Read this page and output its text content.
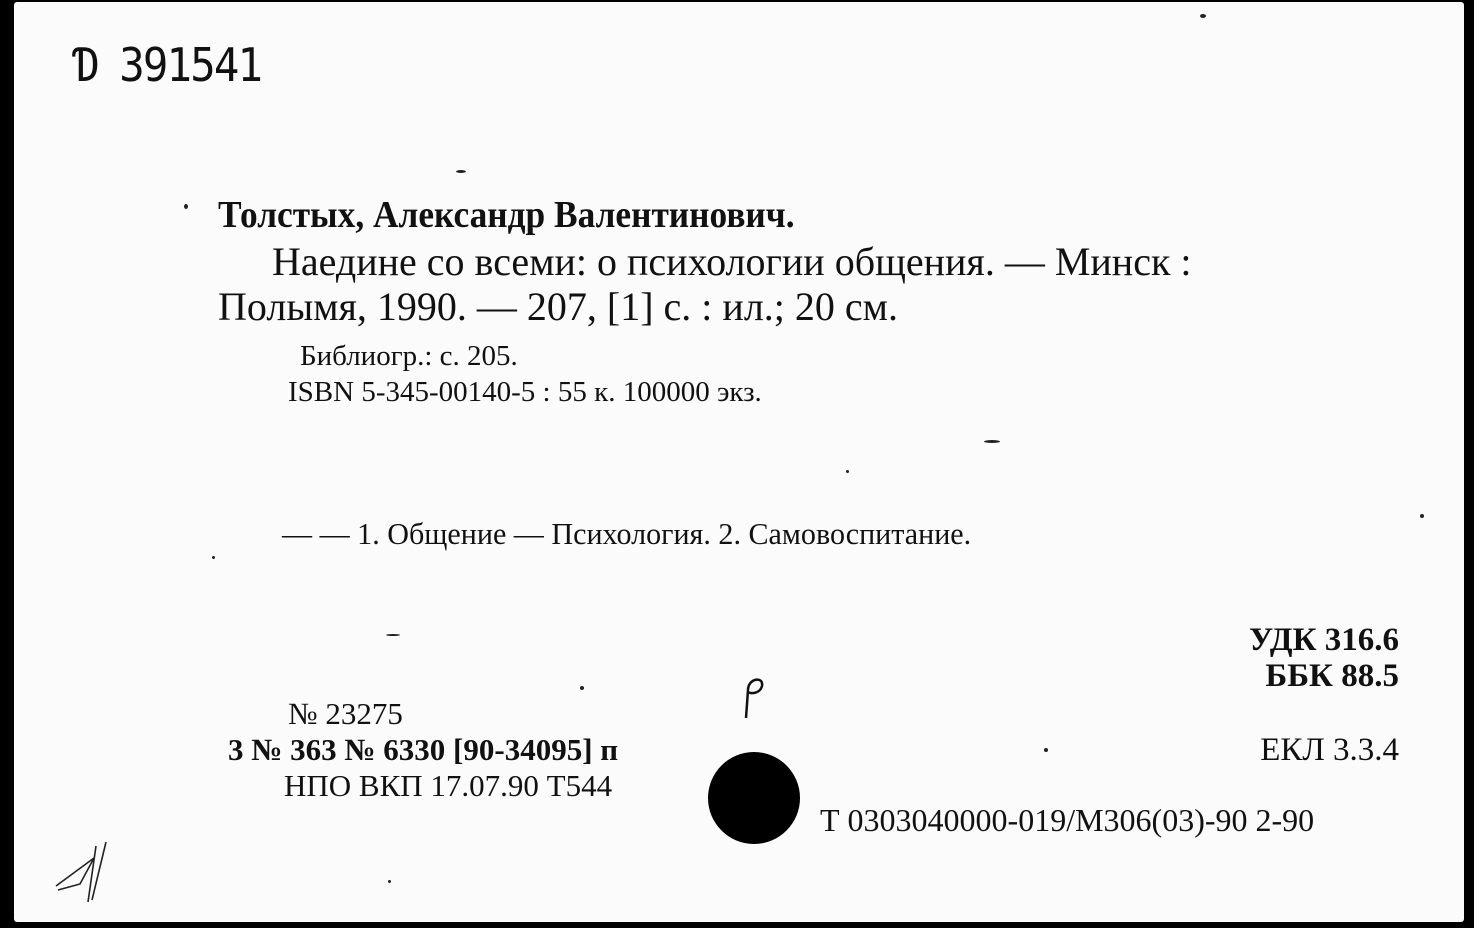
Ɗ 391541
Толстых, Александр Валентинович.
Наедине со всеми: о психологии общения. — Минск :
Полымя, 1990. — 207, [1] с. : ил.; 20 см.
Библиогр.: с. 205.
ISBN 5-345-00140-5 : 55 к. 100000 экз.
— — 1. Общение — Психология. 2. Самовоспитание.
УДК 316.6
ББК 88.5
№ 23275
3 № 363 № 6330 [90-34095] п
НПО ВКП 17.07.90 Т544
ЕКЛ 3.3.4
Т 0303040000-019/М306(03)-90 2-90
